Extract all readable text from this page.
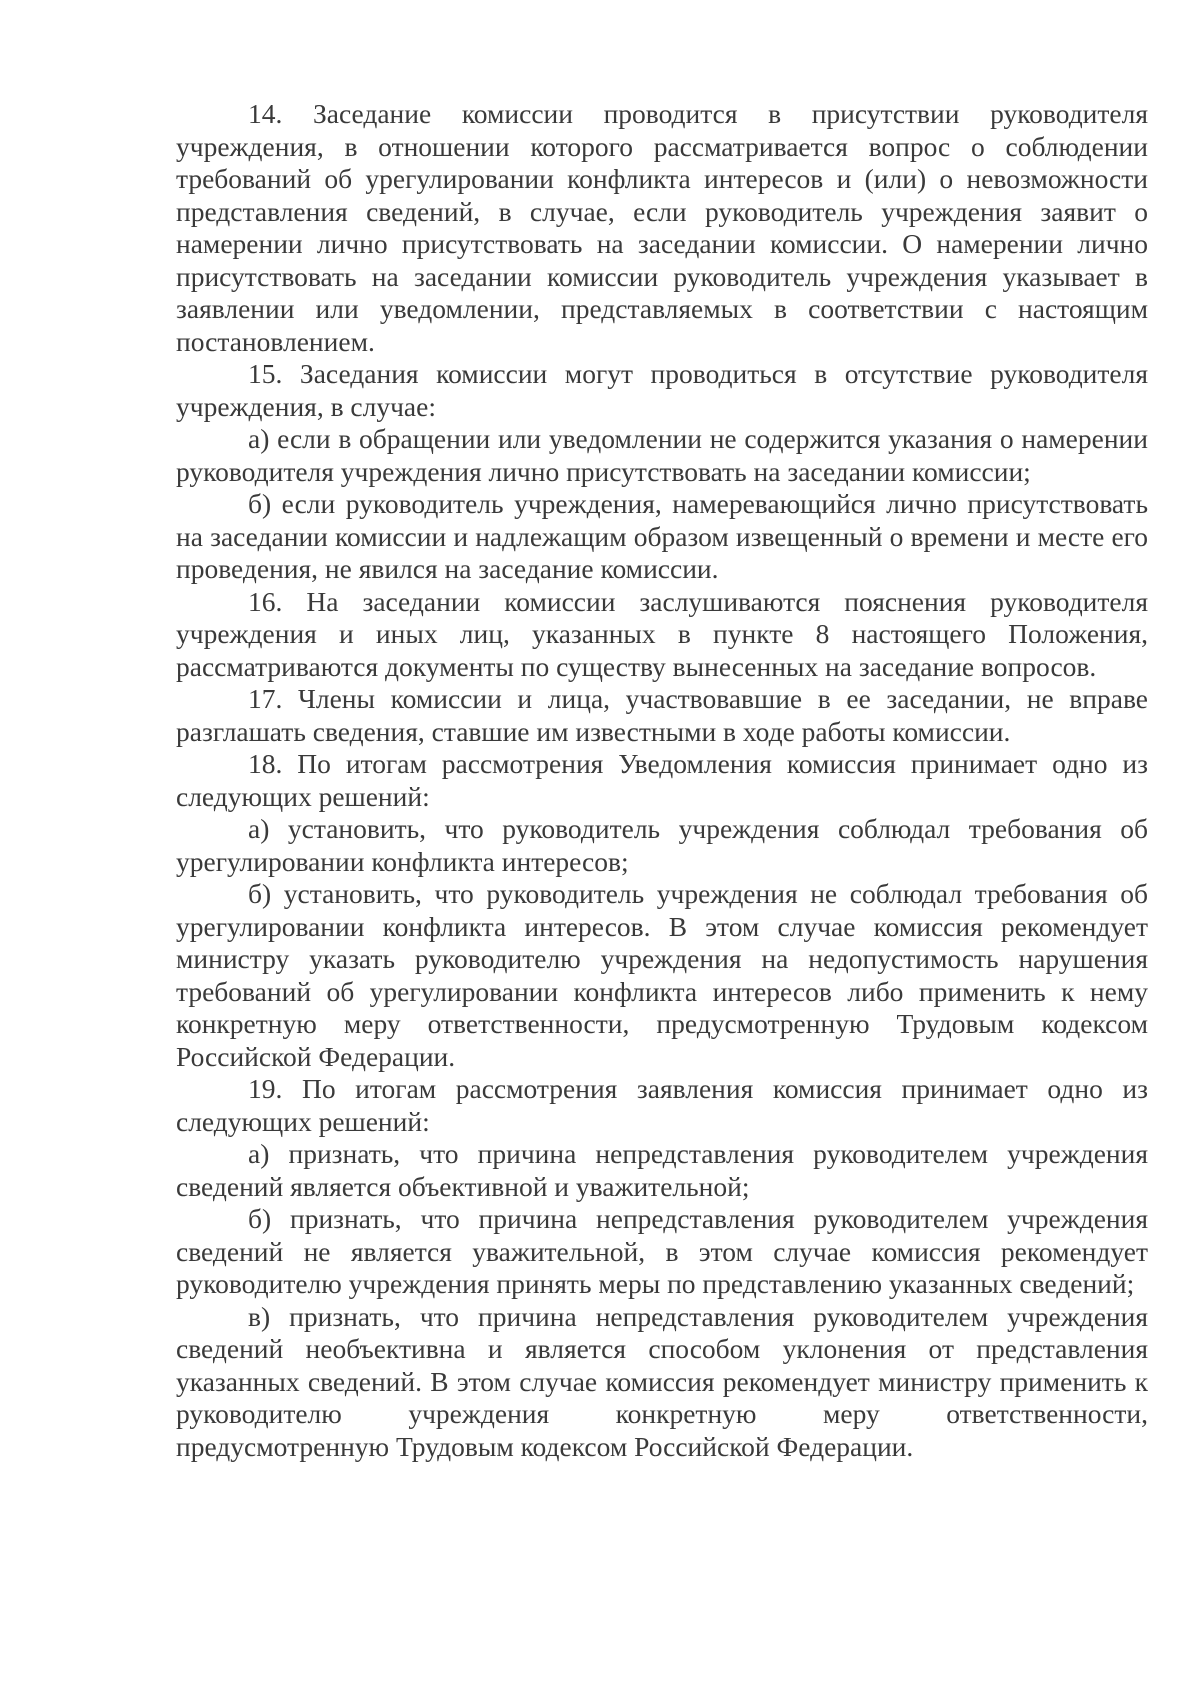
14. Заседание комиссии проводится в присутствии руководителя учреждения, в отношении которого рассматривается вопрос о соблюдении требований об урегулировании конфликта интересов и (или) о невозможности представления сведений, в случае, если руководитель учреждения заявит о намерении лично присутствовать на заседании комиссии. О намерении лично присутствовать на заседании комиссии руководитель учреждения указывает в заявлении или уведомлении, представляемых в соответствии с настоящим постановлением.

15. Заседания комиссии могут проводиться в отсутствие руководителя учреждения, в случае:

а) если в обращении или уведомлении не содержится указания о намерении руководителя учреждения лично присутствовать на заседании комиссии;

б) если руководитель учреждения, намеревающийся лично присутствовать на заседании комиссии и надлежащим образом извещенный о времени и месте его проведения, не явился на заседание комиссии.

16. На заседании комиссии заслушиваются пояснения руководителя учреждения и иных лиц, указанных в пункте 8 настоящего Положения, рассматриваются документы по существу вынесенных на заседание вопросов.

17. Члены комиссии и лица, участвовавшие в ее заседании, не вправе разглашать сведения, ставшие им известными в ходе работы комиссии.

18. По итогам рассмотрения Уведомления комиссия принимает одно из следующих решений:

а) установить, что руководитель учреждения соблюдал требования об урегулировании конфликта интересов;

б) установить, что руководитель учреждения не соблюдал требования об урегулировании конфликта интересов. В этом случае комиссия рекомендует министру указать руководителю учреждения на недопустимость нарушения требований об урегулировании конфликта интересов либо применить к нему конкретную меру ответственности, предусмотренную Трудовым кодексом Российской Федерации.

19. По итогам рассмотрения заявления комиссия принимает одно из следующих решений:

а) признать, что причина непредставления руководителем учреждения сведений является объективной и уважительной;

б) признать, что причина непредставления руководителем учреждения сведений не является уважительной, в этом случае комиссия рекомендует руководителю учреждения принять меры по представлению указанных сведений;

в) признать, что причина непредставления руководителем учреждения сведений необъективна и является способом уклонения от представления указанных сведений. В этом случае комиссия рекомендует министру применить к руководителю учреждения конкретную меру ответственности,

предусмотренную Трудовым кодексом Российской Федерации.
